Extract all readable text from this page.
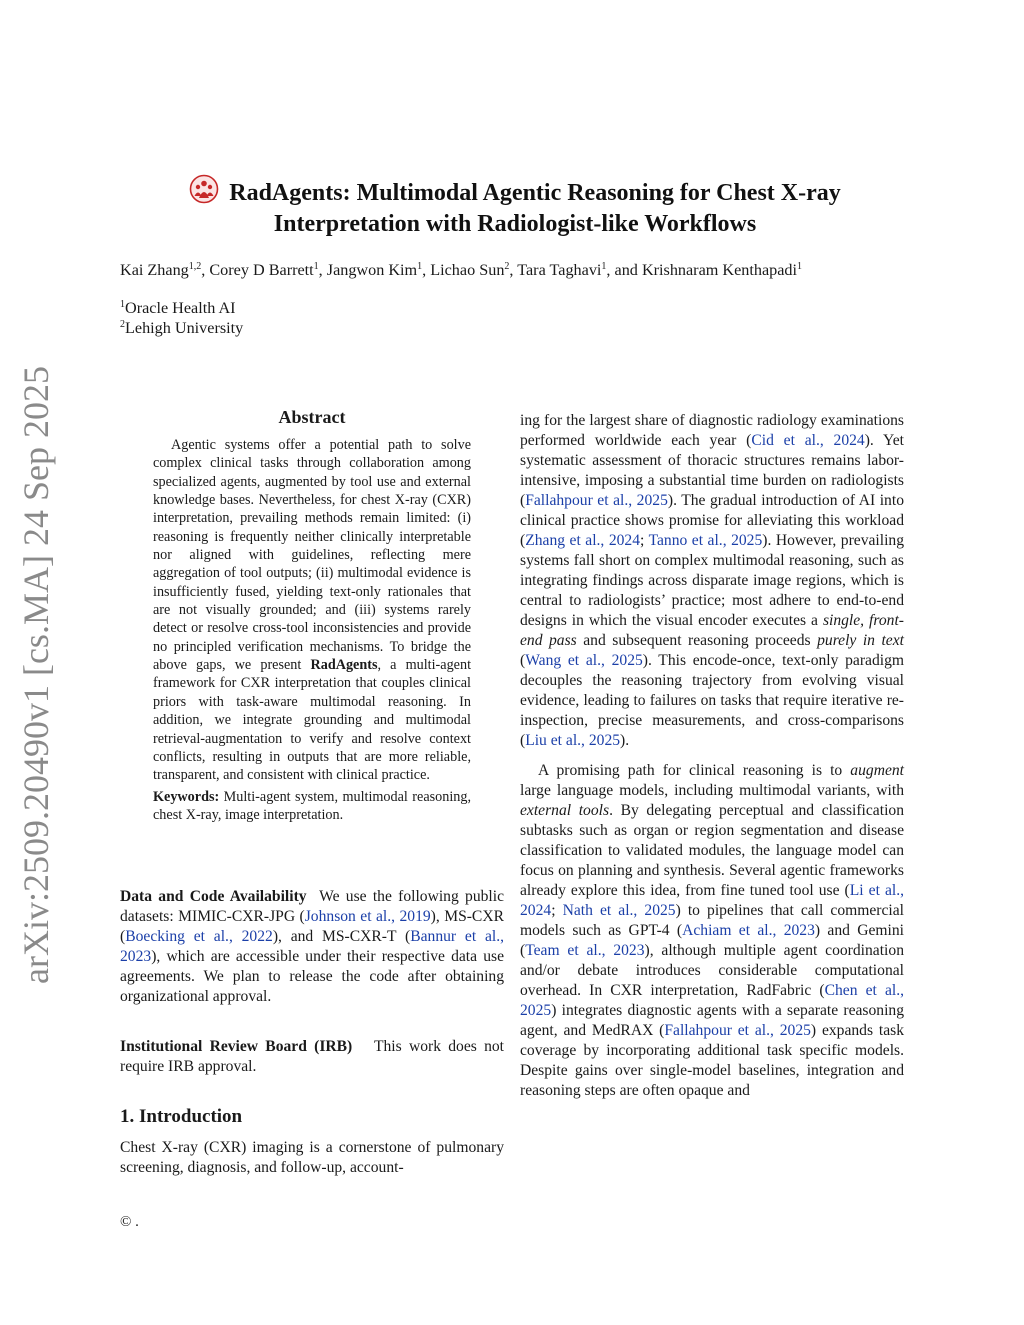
arXiv:2509.20490v1 [cs.MA] 24 Sep 2025
RadAgents: Multimodal Agentic Reasoning for Chest X-ray
Interpretation with Radiologist-like Workflows
Kai Zhang$^{1,2}$, Corey D Barrett$^1$, Jangwon Kim$^1$, Lichao Sun$^2$, Tara Taghavi$^1$, and Krishnaram Kenthapadi$^1$
$^1$Oracle Health AI
$^2$Lehigh University
Abstract

Agentic systems offer a potential path to solve complex clinical tasks through collaboration among specialized agents, augmented by tool use and external knowledge bases. Nevertheless, for chest X-ray (CXR) interpretation, prevailing methods remain limited: (i) reasoning is frequently neither clinically interpretable nor aligned with guidelines, reflecting mere aggregation of tool outputs; (ii) multimodal evidence is insufficiently fused, yielding text-only rationales that are not visually grounded; and (iii) systems rarely detect or resolve cross-tool inconsistencies and provide no principled verification mechanisms. To bridge the above gaps, we present RadAgents, a multi-agent framework for CXR interpretation that couples clinical priors with task-aware multimodal reasoning. In addition, we integrate grounding and multimodal retrieval-augmentation to verify and resolve context conflicts, resulting in outputs that are more reliable, transparent, and consistent with clinical practice.

Keywords: Multi-agent system, multimodal reasoning, chest X-ray, image interpretation.

Data and Code Availability We use the following public datasets: MIMIC-CXR-JPG (Johnson et al., 2019), MS-CXR (Boecking et al., 2022), and MS-CXR-T (Bannur et al., 2023), which are accessible under their respective data use agreements. We plan to release the code after obtaining organizational approval.

Institutional Review Board (IRB) This work does not require IRB approval.

1. Introduction

Chest X-ray (CXR) imaging is a cornerstone of pulmonary screening, diagnosis, and follow-up, account-

ing for the largest share of diagnostic radiology examinations performed worldwide each year (Cid et al., 2024). Yet systematic assessment of thoracic structures remains labor-intensive, imposing a substantial time burden on radiologists (Fallahpour et al., 2025). The gradual introduction of AI into clinical practice shows promise for alleviating this workload (Zhang et al., 2024; Tanno et al., 2025). However, prevailing systems fall short on complex multimodal reasoning, such as integrating findings across disparate image regions, which is central to radiologists’ practice; most adhere to end-to-end designs in which the visual encoder executes a single, front-end pass and subsequent reasoning proceeds purely in text (Wang et al., 2025). This encode-once, text-only paradigm decouples the reasoning trajectory from evolving visual evidence, leading to failures on tasks that require iterative re-inspection, precise measurements, and cross-comparisons (Liu et al., 2025).

A promising path for clinical reasoning is to augment large language models, including multimodal variants, with external tools. By delegating perceptual and classification subtasks such as organ or region segmentation and disease classification to validated modules, the language model can focus on planning and synthesis. Several agentic frameworks already explore this idea, from fine tuned tool use (Li et al., 2024; Nath et al., 2025) to pipelines that call commercial models such as GPT-4 (Achiam et al., 2023) and Gemini (Team et al., 2023), although multiple agent coordination and/or debate introduces considerable computational overhead. In CXR interpretation, RadFabric (Chen et al., 2025) integrates diagnostic agents with a separate reasoning agent, and MedRAX (Fallahpour et al., 2025) expands task coverage by incorporating additional task specific models. Despite gains over single-model baselines, integration and reasoning steps are often opaque and

© .
